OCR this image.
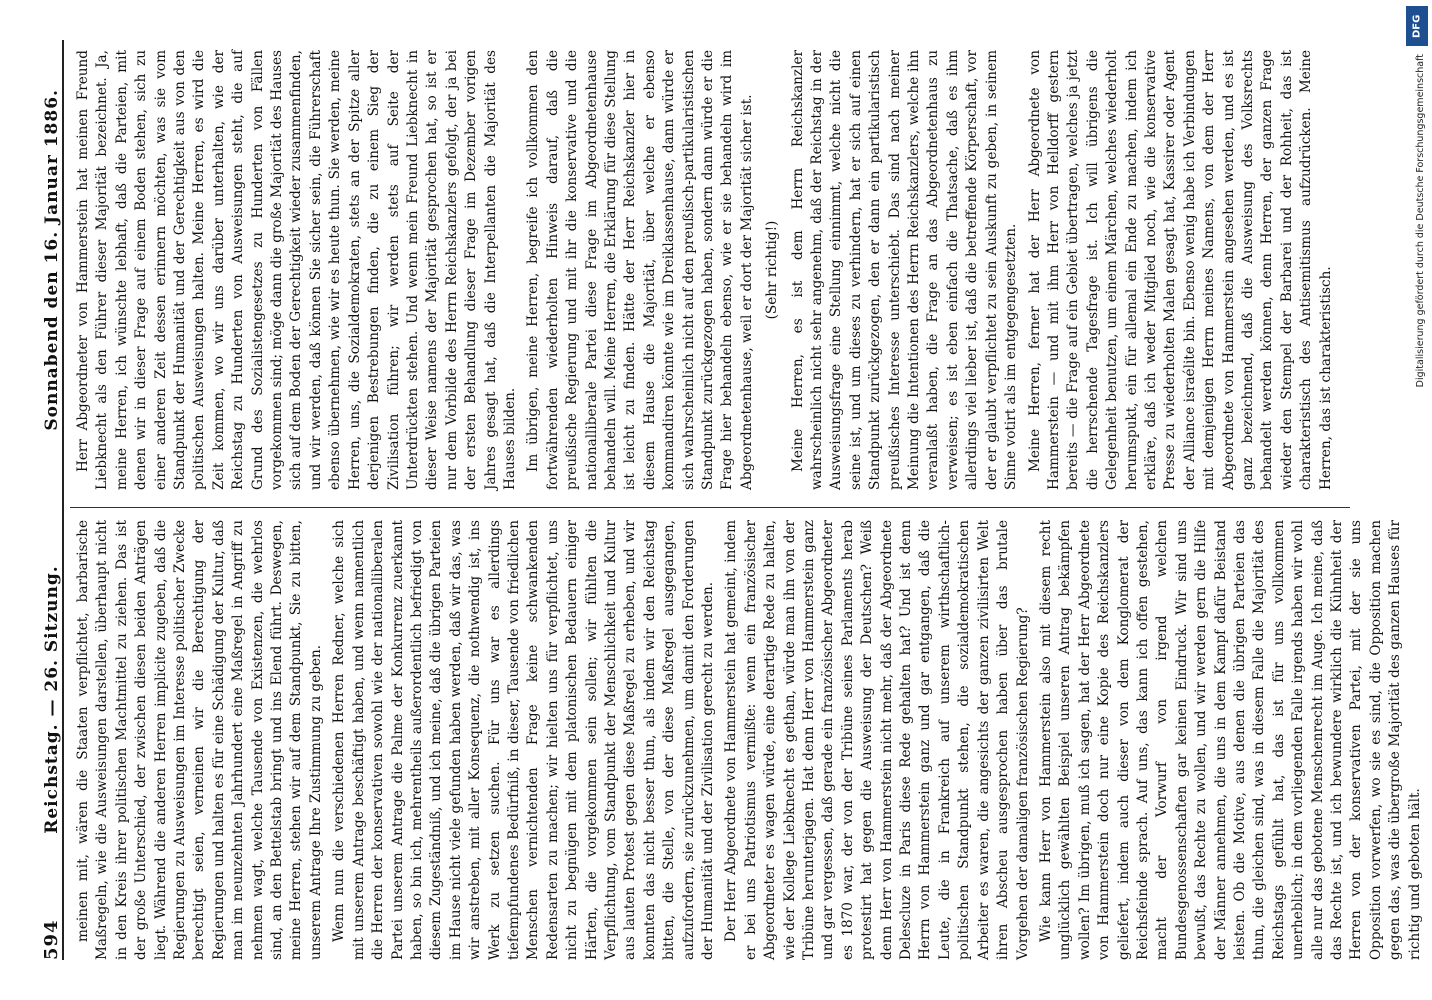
DFG
Digitalisierung gefördert durch die Deutsche Forschungsgemeinschaft
594
Reichstag. — 26. Sitzung.
Sonnabend den 16. Januar 1886.

meinen mit, wären die Staaten verpflichtet, barbarische Maßregeln, wie die Ausweisungen darstellen, überhaupt nicht in den Kreis ihrer politischen Machtmittel zu ziehen. Das ist der große Unterschied, der zwischen diesen beiden Anträgen liegt. Während die anderen Herren implicite zugeben, daß die Regierungen zu Ausweisungen im Interesse politischer Zwecke berechtigt seien, verneinen wir die Berechtigung der Regierungen und halten es für eine Schädigung der Kultur, daß man im neunzehnten Jahrhundert eine Maßregel in Angriff zu nehmen wagt, welche Tausende von Existenzen, die wehrlos sind, an den Bettelstab bringt und ins Elend führt. Deswegen, meine Herren, stehen wir auf dem Standpunkt, Sie zu bitten, unserem Antrage Ihre Zustimmung zu geben. Wenn nun die verschiedenen Herren Redner, welche sich mit unserem Antrage beschäftigt haben, und wenn namentlich die Herren der konservativen sowohl wie der nationalliberalen Partei unserem Antrage die Palme der Konkurrenz zuerkannt haben, so bin ich, mehrentheils außerordentlich befriedigt von diesem Zugeständniß, und ich meine, daß die übrigen Parteien im Hause nicht viele gefunden haben werden, daß wir das, was wir anstreben, mit aller Konsequenz, die nothwendig ist, ins Werk zu setzen suchen. Für uns war es allerdings tiefempfundenes Bedürfniß, in dieser, Tausende von friedlichen Menschen vernichtenden Frage keine schwankenden Redensarten zu machen; wir hielten uns für verpflichtet, uns nicht zu begnügen mit dem platonischen Bedauern einiger Härten, die vorgekommen sein sollen; wir fühlten die Verpflichtung, vom Standpunkt der Menschlichkeit und Kultur aus lauten Protest gegen diese Maßregel zu erheben, und wir konnten das nicht besser thun, als indem wir den Reichstag bitten, die Stelle, von der diese Maßregel ausgegangen, aufzufordern, sie zurückzunehmen, um damit den Forderungen der Humanität und der Zivilisation gerecht zu werden. Der Herr Abgeordnete von Hammerstein hat gemeint, indem er bei uns Patriotismus vermißte: wenn ein französischer Abgeordneter es wagen würde, eine derartige Rede zu halten, wie der Kollege Liebknecht es gethan, würde man ihn von der Tribüne herunterjagen. Hat denn Herr von Hammerstein ganz und gar vergessen, daß gerade ein französischer Abgeordneter es 1870 war, der von der Tribüne seines Parlaments herab protestirt hat gegen die Ausweisung der Deutschen? Weiß denn Herr von Hammerstein nicht mehr, daß der Abgeordnete Delescluze in Paris diese Rede gehalten hat? Und ist denn Herrn von Hammerstein ganz und gar entgangen, daß die Leute, die in Frankreich auf unserem wirthschaftlich-politischen Standpunkt stehen, die sozialdemokratischen Arbeiter es waren, die angesichts der ganzen zivilisirten Welt ihren Abscheu ausgesprochen haben über das brutale Vorgehen der damaligen französischen Regierung? Wie kann Herr von Hammerstein also mit diesem recht unglücklich gewählten Beispiel unseren Antrag bekämpfen wollen? Im übrigen, muß ich sagen, hat der Herr Abgeordnete von Hammerstein doch nur eine Kopie des Reichskanzlers geliefert, indem auch dieser von dem Konglomerat der Reichsfeinde sprach. Auf uns, das kann ich offen gestehen, macht der Vorwurf von irgend welchen Bundesgenossenschaften gar keinen Eindruck. Wir sind uns bewußt, das Rechte zu wollen, und wir werden gern die Hilfe der Männer annehmen, die uns in dem Kampf dafür Beistand leisten. Ob die Motive, aus denen die übrigen Parteien das thun, die gleichen sind, was in diesem Falle die Majorität des Reichstags gefühlt hat, das ist für uns vollkommen unerheblich; in dem vorliegenden Falle irgends haben wir wohl alle nur das gebotene Menschenrecht im Auge. Ich meine, daß das Rechte ist, und ich bewundere wirklich die Kühnheit der Herren von der konservativen Partei, mit der sie uns Opposition vorwerfen, wo sie es sind, die Opposition machen gegen das, was die übergroße Majorität des ganzen Hauses für richtig und geboten hält.

Herr Abgeordneter von Hammerstein hat meinen Freund Liebknecht als den Führer dieser Majorität bezeichnet. Ja, meine Herren, ich wünschte lebhaft, daß die Parteien, mit denen wir in dieser Frage auf einem Boden stehen, sich zu einer anderen Zeit dessen erinnern möchten, was sie vom Standpunkt der Humanität und der Gerechtigkeit aus von den politischen Ausweisungen halten. Meine Herren, es wird die Zeit kommen, wo wir uns darüber unterhalten, wie der Reichstag zu Hunderten von Ausweisungen steht, die auf Grund des Sozialistengesetzes zu Hunderten von Fällen vorgekommen sind; möge dann die große Majorität des Hauses sich auf dem Boden der Gerechtigkeit wieder zusammenfinden, und wir werden, daß können Sie sicher sein, die Führerschaft ebenso übernehmen, wie wir es heute thun. Sie werden, meine Herren, uns, die Sozialdemokraten, stets an der Spitze aller derjenigen Bestrebungen finden, die zu einem Sieg der Zivilisation führen; wir werden stets auf Seite der Unterdrückten stehen. Und wenn mein Freund Liebknecht in dieser Weise namens der Majorität gesprochen hat, so ist er nur dem Vorbilde des Herrn Reichskanzlers gefolgt, der ja bei der ersten Behandlung dieser Frage im Dezember vorigen Jahres gesagt hat, daß die Interpellanten die Majorität des Hauses bilden. Im übrigen, meine Herren, begreife ich vollkommen den fortwährenden wiederholten Hinweis darauf, daß die preußische Regierung und mit ihr die konservative und die nationalliberale Partei diese Frage im Abgeordnetenhause behandeln will. Meine Herren, die Erklärung für diese Stellung ist leicht zu finden. Hätte der Herr Reichskanzler hier in diesem Hause die Majorität, über welche er ebenso kommandiren könnte wie im Dreiklassenhause, dann würde er sich wahrscheinlich nicht auf den preußisch-partikularistischen Standpunkt zurückgezogen haben, sondern dann würde er die Frage hier behandeln ebenso, wie er sie behandeln wird im Abgeordnetenhause, weil er dort der Majorität sicher ist. (Sehr richtig!) Meine Herren, es ist dem Herrn Reichskanzler wahrscheinlich nicht sehr angenehm, daß der Reichstag in der Ausweisungsfrage eine Stellung einnimmt, welche nicht die seine ist, und um dieses zu verhindern, hat er sich auf einen Standpunkt zurückgezogen, den er dann ein partikularistisch preußisches Interesse unterschiebt. Das sind nach meiner Meinung die Intentionen des Herrn Reichskanzlers, welche ihn veranlaßt haben, die Frage an das Abgeordnetenhaus zu verweisen; es ist eben einfach die Thatsache, daß es ihm allerdings viel lieber ist, daß die betreffende Körperschaft, vor der er glaubt verpflichtet zu sein Auskunft zu geben, in seinem Sinne votirt als im entgegengesetzten. Meine Herren, ferner hat der Herr Abgeordnete von Hammerstein — und mit ihm Herr von Helldorff gestern bereits — die Frage auf ein Gebiet übertragen, welches ja jetzt die herrschende Tagesfrage ist. Ich will übrigens die Gelegenheit benutzen, um einem Märchen, welches wiederholt herumspukt, ein für allemal ein Ende zu machen, indem ich erkläre, daß ich weder Mitglied noch, wie die konservative Presse zu wiederholten Malen gesagt hat, Kassirer oder Agent der Alliance israélite bin. Ebenso wenig habe ich Verbindungen mit demjenigen Herrn meines Namens, von dem der Herr Abgeordnete von Hammerstein angesehen werden, und es ist ganz bezeichnend, daß die Ausweisung des Volksrechts behandelt werden können, denn Herren, der ganzen Frage wieder den Stempel der Barbarei und der Rohheit, das ist charakteristisch des Antisemitismus aufzudrücken. Meine Herren, das ist charakteristisch.
